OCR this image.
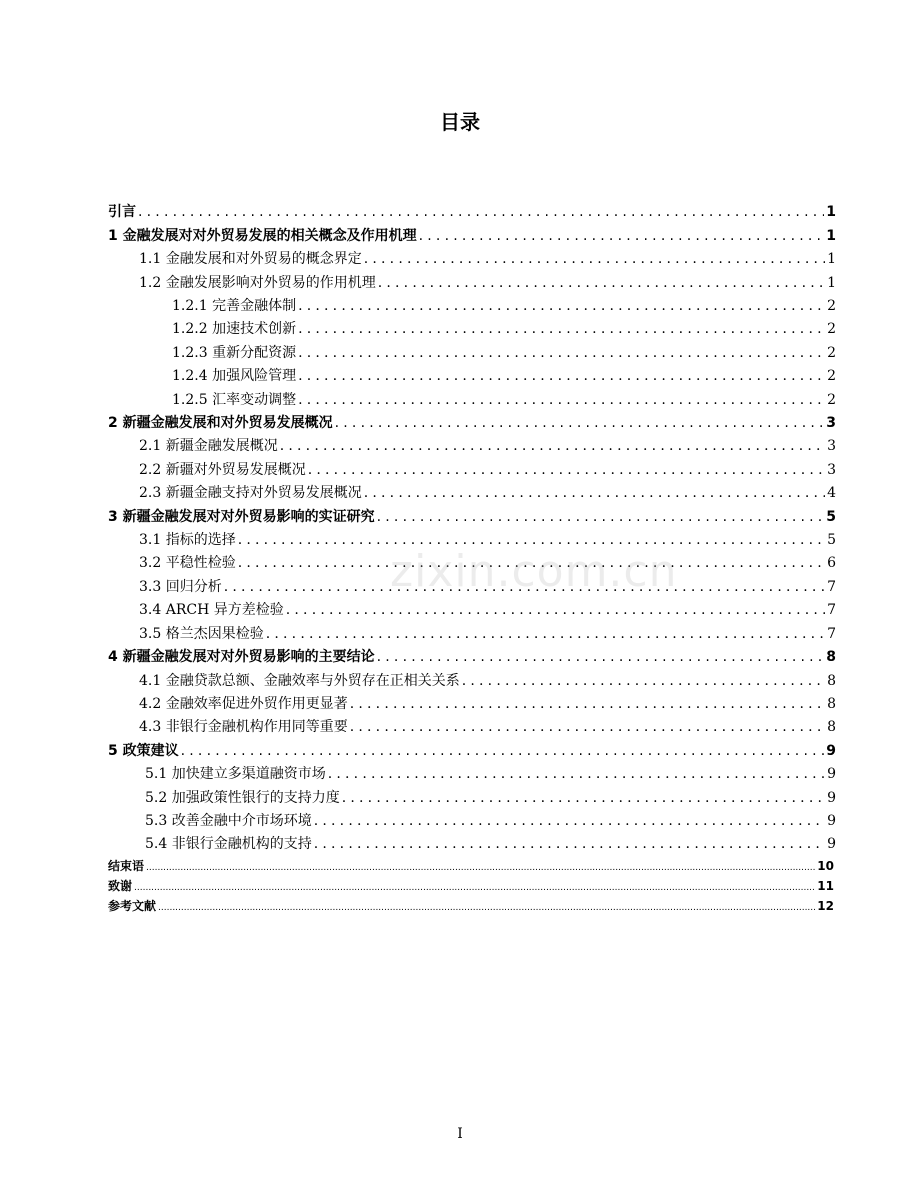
目录
引言 .....	1
1 金融发展对对外贸易发展的相关概念及作用机理 .....	1
1.1 金融发展和对外贸易的概念界定 .....	1
1.2 金融发展影响对外贸易的作用机理 .....	1
1.2.1 完善金融体制 .....	2
1.2.2 加速技术创新 .....	2
1.2.3 重新分配资源 .....	2
1.2.4 加强风险管理 .....	2
1.2.5 汇率变动调整 .....	2
2 新疆金融发展和对外贸易发展概况 .....	3
2.1 新疆金融发展概况 .....	3
2.2 新疆对外贸易发展概况 .....	3
2.3 新疆金融支持对外贸易发展概况 .....	4
3 新疆金融发展对对外贸易影响的实证研究 .....	5
3.1 指标的选择 .....	5
3.2 平稳性检验 .....	6
3.3 回归分析 .....	7
3.4 ARCH 异方差检验 .....	7
3.5 格兰杰因果检验 .....	7
4 新疆金融发展对对外贸易影响的主要结论 .....	8
4.1 金融贷款总额、金融效率与外贸存在正相关关系 .....	8
4.2 金融效率促进外贸作用更显著 .....	8
4.3 非银行金融机构作用同等重要 .....	8
5 政策建议 .....	9
5.1 加快建立多渠道融资市场 .....	9
5.2 加强政策性银行的支持力度 .....	9
5.3 改善金融中介市场环境 .....	9
5.4 非银行金融机构的支持 .....	9
结束语 .....	10
致谢 .....	11
参考文献 .....	12
zixin.com.cn
I
